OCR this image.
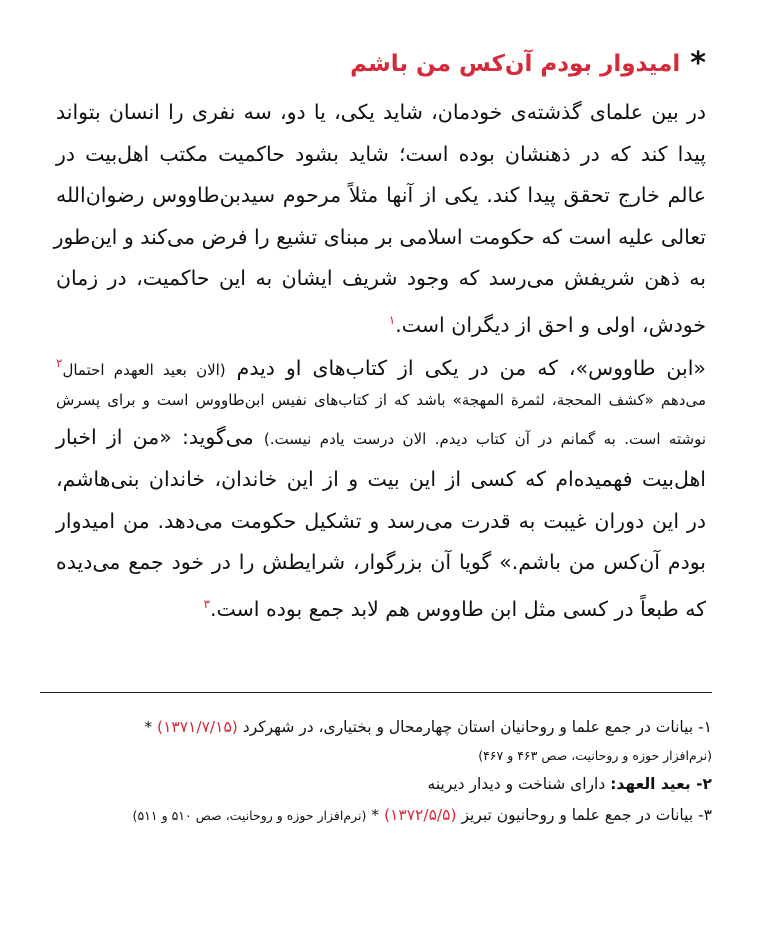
*
امیدوار بودم آن‌کس من باشم
در بین علمای گذشته‌ی خودمان، شاید یکی، یا دو، سه نفری را انسان بتواند
پیدا کند که در ذهنشان بوده است؛ شاید بشود حاکمیت مکتب اهل‌بیت در
عالم خارج تحقق پیدا کند. یکی از آنها مثلاً مرحوم سیدبن‌طاووس رضوان‌الله
تعالی علیه است که حکومت اسلامی بر مبنای تشیع را فرض می‌کند و این‌طور
به ذهن شریفش می‌رسد که وجود شریف ایشان به این حاکمیت، در زمان
خودش، اولی و احق از دیگران است.$^۱$
«ابن طاووس»، که من در یکی از کتاب‌های او دیدم (الان بعید العهدم احتمال$^۲$
می‌دهم «کشف المحجة، لثمرة المهجة» باشد که از کتاب‌های نفیس ابن‌طاووس است و برای پسرش
نوشته است. به گمانم در آن کتاب دیدم. الان درست یادم نیست.) می‌گوید: «من از اخبار
اهل‌بیت فهمیده‌ام که کسی از این بیت و از این خاندان، خاندان بنی‌هاشم،
در این دوران غیبت به قدرت می‌رسد و تشکیل حکومت می‌دهد. من امیدوار
بودم آن‌کس من باشم.» گویا آن بزرگوار، شرایطش را در خود جمع می‌دیده
که طبعاً در کسی مثل ابن طاووس هم لابد جمع بوده است.$^۳$
۱- بیانات در جمع علما و روحانیان استان چهارمحال و بختیاری، در شهرکرد (۱۳۷۱/۷/۱۵) *
(نرم‌افزار حوزه و روحانیت، صص ۴۶۳ و ۴۶۷)
۲- بعید العهد: دارای شناخت و دیدار دیرینه
۳- بیانات در جمع علما و روحانیون تبریز (۱۳۷۲/۵/۵) * (نرم‌افزار حوزه و روحانیت، صص ۵۱۰ و ۵۱۱)
